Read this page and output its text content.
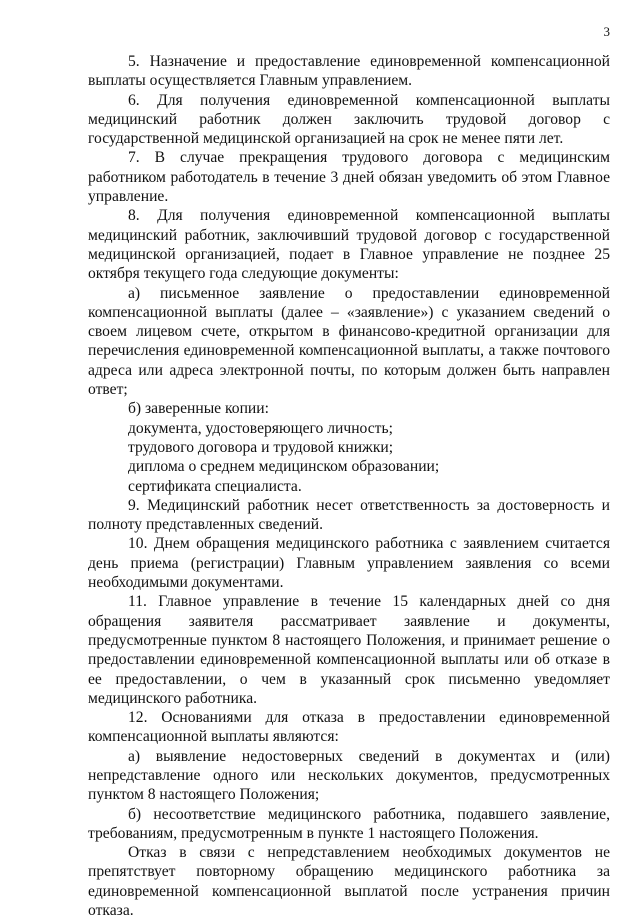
3

5. Назначение и предоставление единовременной компенсационной выплаты осуществляется Главным управлением.

6. Для получения единовременной компенсационной выплаты медицинский работник должен заключить трудовой договор с государственной медицинской организацией на срок не менее пяти лет.

7. В случае прекращения трудового договора с медицинским работником работодатель в течение 3 дней обязан уведомить об этом Главное управление.

8. Для получения единовременной компенсационной выплаты медицинский работник, заключивший трудовой договор с государственной медицинской организацией, подает в Главное управление не позднее 25 октября текущего года следующие документы:

а) письменное заявление о предоставлении единовременной компенсационной выплаты (далее – «заявление») с указанием сведений о своем лицевом счете, открытом в финансово-кредитной организации для перечисления единовременной компенсационной выплаты, а также почтового адреса или адреса электронной почты, по которым должен быть направлен ответ;

б) заверенные копии:

документа, удостоверяющего личность;

трудового договора и трудовой книжки;

диплома о среднем медицинском образовании;

сертификата специалиста.

9. Медицинский работник несет ответственность за достоверность и полноту представленных сведений.

10. Днем обращения медицинского работника с заявлением считается день приема (регистрации) Главным управлением заявления со всеми необходимыми документами.

11. Главное управление в течение 15 календарных дней со дня обращения заявителя рассматривает заявление и документы, предусмотренные пунктом 8 настоящего Положения, и принимает решение о предоставлении единовременной компенсационной выплаты или об отказе в ее предоставлении, о чем в указанный срок письменно уведомляет медицинского работника.

12. Основаниями для отказа в предоставлении единовременной компенсационной выплаты являются:

а) выявление недостоверных сведений в документах и (или) непредставление одного или нескольких документов, предусмотренных пунктом 8 настоящего Положения;

б) несоответствие медицинского работника, подавшего заявление, требованиям, предусмотренным в пункте 1 настоящего Положения.

Отказ в связи с непредставлением необходимых документов не препятствует повторному обращению медицинского работника за единовременной компенсационной выплатой после устранения причин отказа.
